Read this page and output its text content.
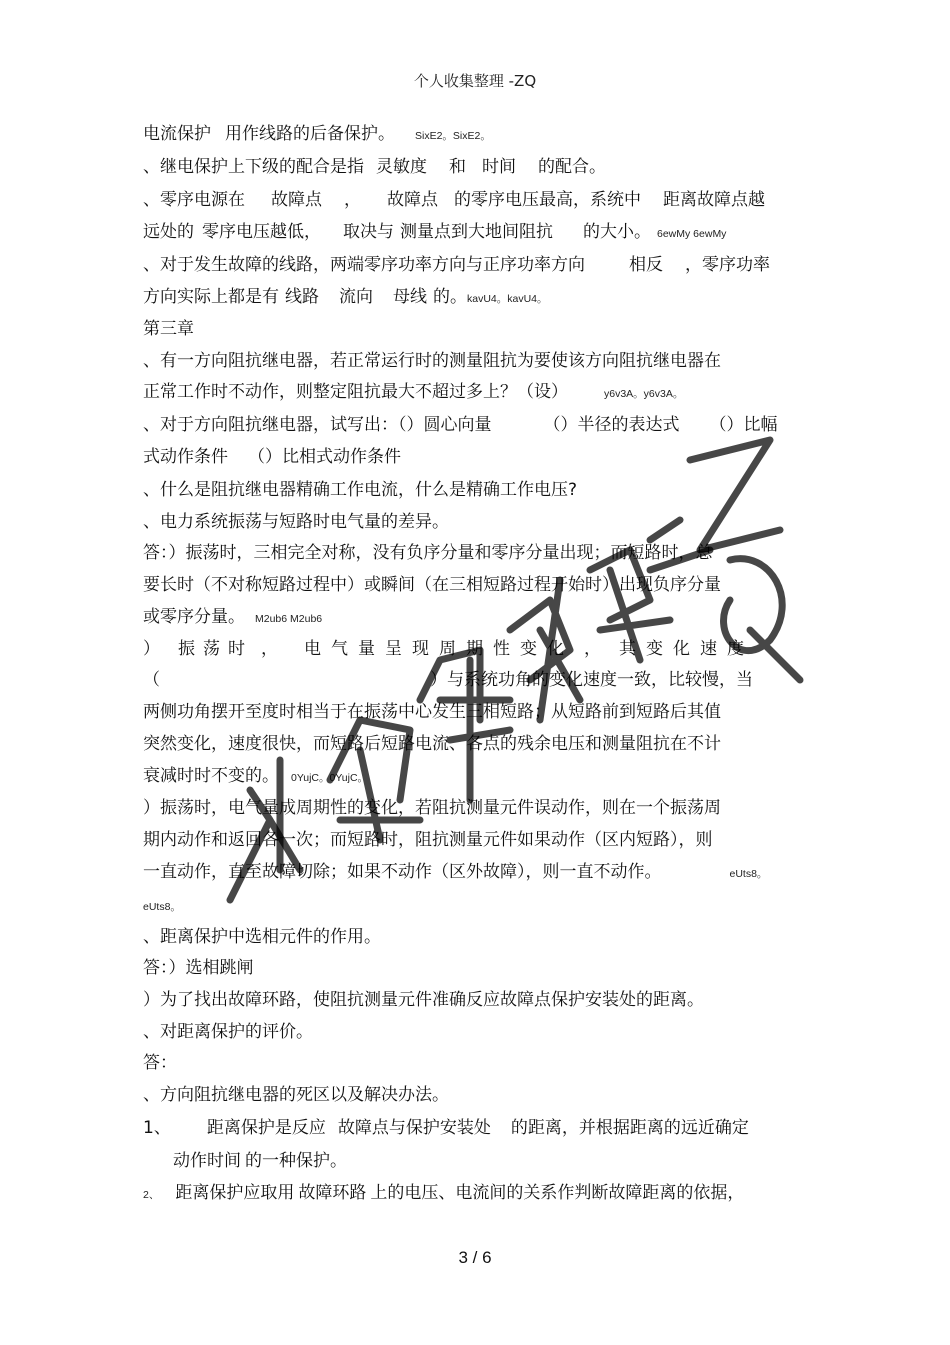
个人收集整理 -ZQ
电流保护 用作线路的后备保护。 SixE2。SixE2。
、继电保护上下级的配合是指 灵敏度 和 时间 的配合。
、零序电源在 故障点 ， 故障点 的零序电压最高，系统中 距离故障点越
远处的 零序电压越低， 取决与 测量点到大地间阻抗 的大小。 6ewMy 6ewMy
、对于发生故障的线路，两端零序功率方向与正序功率方向	相反 ，零序功率
方向实际上都是有 线路 流向 母线 的。kavU4。kavU4。
第三章
、有一方向阻抗继电器，若正常运行时的测量阻抗为要使该方向阻抗继电器在
正常工作时不动作，则整定阻抗最大不超过多上？（设）	y6v3A。y6v3A。
、对于方向阻抗继电器，试写出：（）圆心向量	（）半径的表达式 （）比幅
式动作条件 （）比相式动作条件
、什么是阻抗继电器精确工作电流，什么是精确工作电压?
、电力系统振荡与短路时电气量的差异。
答：）振荡时，三相完全对称，没有负序分量和零序分量出现；而短路时，总
要长时（不对称短路过程中）或瞬间（在三相短路过程开始时）出现负序分量
或零序分量。 M2ub6 M2ub6
） 振 荡 时 ， 电 气 量 呈 现 周 期 性 变 化 ， 其 变 化 速 度
（	）与系统功角的变化速度一致，比较慢，当
两侧功角摆开至度时相当于在振荡中心发生三相短路；从短路前到短路后其值
突然变化，速度很快，而短路后短路电流、各点的残余电压和测量阻抗在不计
衰减时时不变的。 0YujC。0YujC。
）振荡时，电气量成周期性的变化，若阻抗测量元件误动作，则在一个振荡周
期内动作和返回各一次；而短路时，阻抗测量元件如果动作（区内短路），则
一直动作，直至故障切除；如果不动作（区外故障），则一直不动作。	eUts8。
eUts8。
、距离保护中选相元件的作用。
答：）选相跳闸
）为了找出故障环路，使阻抗测量元件准确反应故障点保护安装处的距离。
、对距离保护的评价。
答：
、方向阻抗继电器的死区以及解决办法。
1、 距离保护是反应 故障点与保护安装处 的距离，并根据距离的远近确定
动作时间 的一种保护。
2、 距离保护应取用 故障环路 上的电压、电流间的关系作判断故障距离的依据，
3 / 6
